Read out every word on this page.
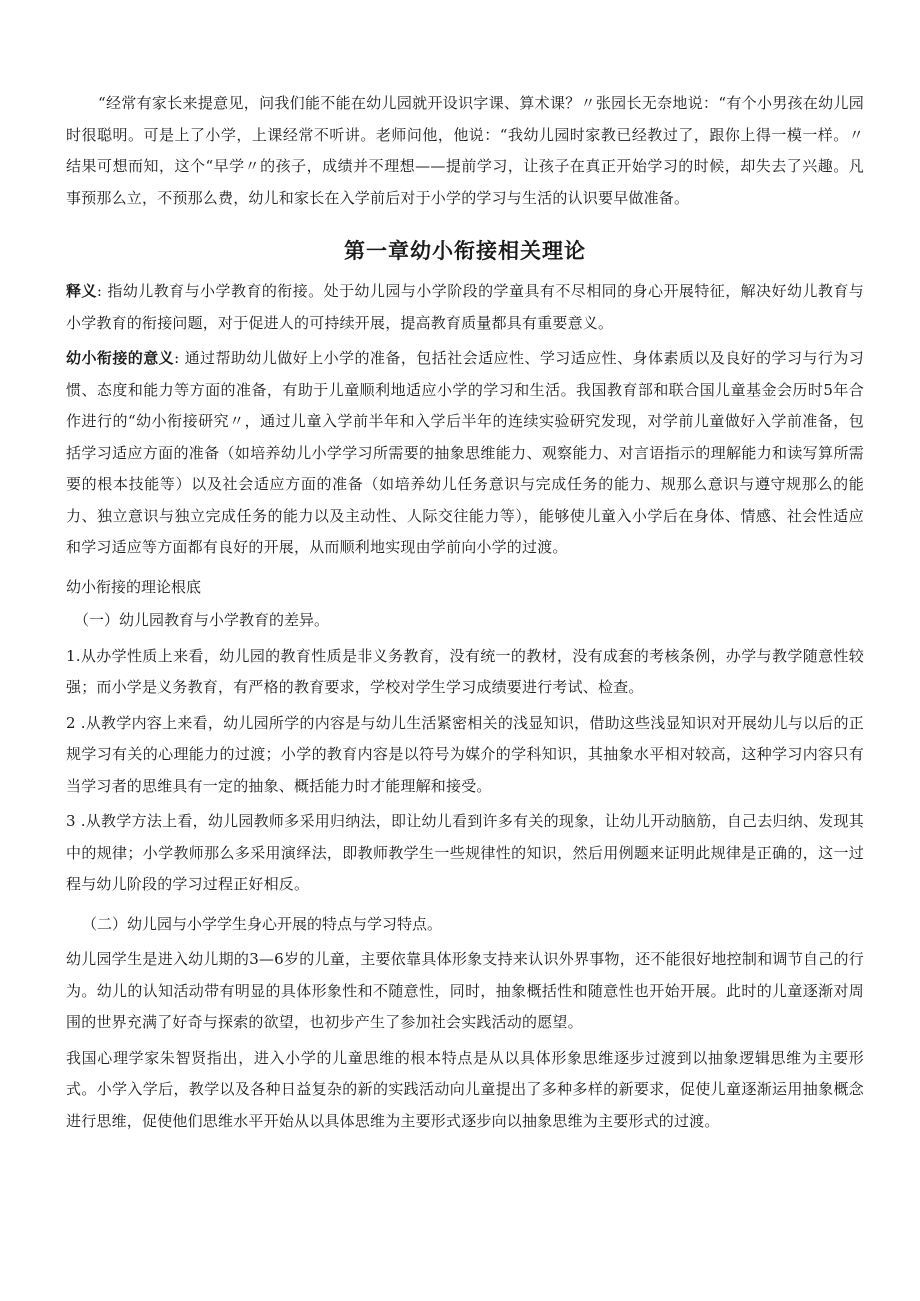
“经常有家长来提意见，问我们能不能在幼儿园就开设识字课、算术课？〃张园长无奈地说：“有个小男孩在幼儿园时很聪明。可是上了小学，上课经常不听讲。老师问他，他说：“我幼儿园时家教已经教过了，跟你上得一模一样。〃结果可想而知，这个“早学〃的孩子，成绩并不理想——提前学习，让孩子在真正开始学习的时候，却失去了兴趣。凡事预那么立，不预那么费，幼儿和家长在入学前后对于小学的学习与生活的认识要早做准备。

第一章幼小衔接相关理论

释义: 指幼儿教育与小学教育的衔接。处于幼儿园与小学阶段的学童具有不尽相同的身心开展特征，解决好幼儿教育与小学教育的衔接问题，对于促进人的可持续开展，提高教育质量都具有重要意义。

幼小衔接的意义: 通过帮助幼儿做好上小学的准备，包括社会适应性、学习适应性、身体素质以及良好的学习与行为习惯、态度和能力等方面的准备，有助于儿童顺利地适应小学的学习和生活。我国教育部和联合国儿童基金会历时5年合作进行的“幼小衔接研究〃，通过儿童入学前半年和入学后半年的连续实验研究发现，对学前儿童做好入学前准备，包括学习适应方面的准备（如培养幼儿小学学习所需要的抽象思维能力、观察能力、对言语指示的理解能力和读写算所需要的根本技能等）以及社会适应方面的准备（如培养幼儿任务意识与完成任务的能力、规那么意识与遵守规那么的能力、独立意识与独立完成任务的能力以及主动性、人际交往能力等），能够使儿童入小学后在身体、情感、社会性适应和学习适应等方面都有良好的开展，从而顺利地实现由学前向小学的过渡。

幼小衔接的理论根底

（一）幼儿园教育与小学教育的差异。

1.从办学性质上来看，幼儿园的教育性质是非义务教育，没有统一的教材，没有成套的考核条例，办学与教学随意性较强；而小学是义务教育，有严格的教育要求，学校对学生学习成绩要进行考试、检查。

2 .从教学内容上来看，幼儿园所学的内容是与幼儿生活紧密相关的浅显知识，借助这些浅显知识对开展幼儿与以后的正规学习有关的心理能力的过渡；小学的教育内容是以符号为媒介的学科知识，其抽象水平相对较高，这种学习内容只有当学习者的思维具有一定的抽象、概括能力时才能理解和接受。

3 .从教学方法上看，幼儿园教师多采用归纳法，即让幼儿看到许多有关的现象，让幼儿开动脑筋，自己去归纳、发现其中的规律；小学教师那么多采用演绎法，即教师教学生一些规律性的知识，然后用例题来证明此规律是正确的，这一过程与幼儿阶段的学习过程正好相反。

（二）幼儿园与小学学生身心开展的特点与学习特点。

幼儿园学生是进入幼儿期的3—6岁的儿童，主要依靠具体形象支持来认识外界事物，还不能很好地控制和调节自己的行为。幼儿的认知活动带有明显的具体形象性和不随意性，同时，抽象概括性和随意性也开始开展。此时的儿童逐渐对周围的世界充满了好奇与探索的欲望，也初步产生了参加社会实践活动的愿望。

我国心理学家朱智贤指出，进入小学的儿童思维的根本特点是从以具体形象思维逐步过渡到以抽象逻辑思维为主要形式。小学入学后，教学以及各种日益复杂的新的实践活动向儿童提出了多种多样的新要求，促使儿童逐渐运用抽象概念进行思维，促使他们思维水平开始从以具体思维为主要形式逐步向以抽象思维为主要形式的过渡。
